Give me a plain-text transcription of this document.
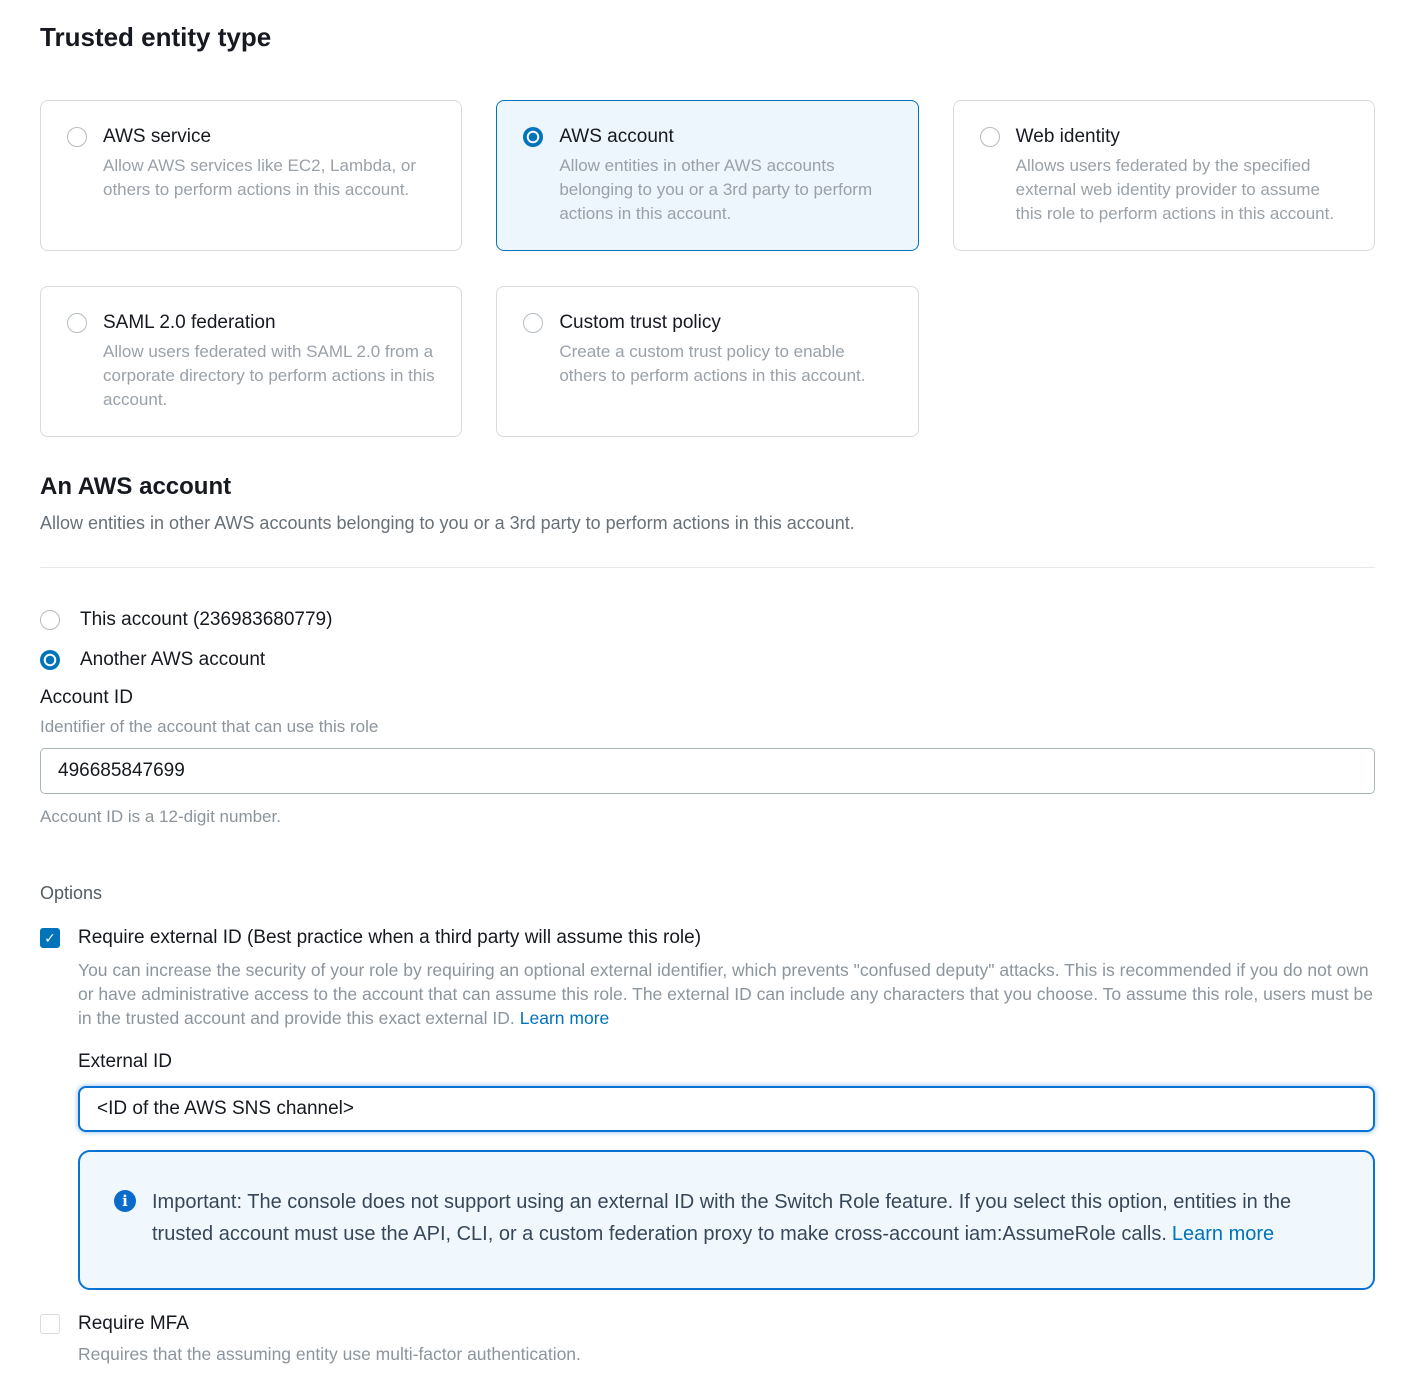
Trusted entity type
AWS service
Allow AWS services like EC2, Lambda, or others to perform actions in this account.
AWS account
Allow entities in other AWS accounts belonging to you or a 3rd party to perform actions in this account.
Web identity
Allows users federated by the specified external web identity provider to assume this role to perform actions in this account.
SAML 2.0 federation
Allow users federated with SAML 2.0 from a corporate directory to perform actions in this account.
Custom trust policy
Create a custom trust policy to enable others to perform actions in this account.
An AWS account

Allow entities in other AWS accounts belonging to you or a 3rd party to perform actions in this account.

This account (236983680779)
Another AWS account
Account ID
Identifier of the account that can use this role
496685847699
Account ID is a 12-digit number.
Options
✓ Require external ID (Best practice when a third party will assume this role)
You can increase the security of your role by requiring an optional external identifier, which prevents "confused deputy" attacks. This is recommended if you do not own or have administrative access to the account that can assume this role. The external ID can include any characters that you choose. To assume this role, users must be in the trusted account and provide this exact external ID. Learn more
External ID
<ID of the AWS SNS channel>
i Important: The console does not support using an external ID with the Switch Role feature. If you select this option, entities in the trusted account must use the API, CLI, or a custom federation proxy to make cross-account iam:AssumeRole calls. Learn more

Require MFA
Requires that the assuming entity use multi-factor authentication.
